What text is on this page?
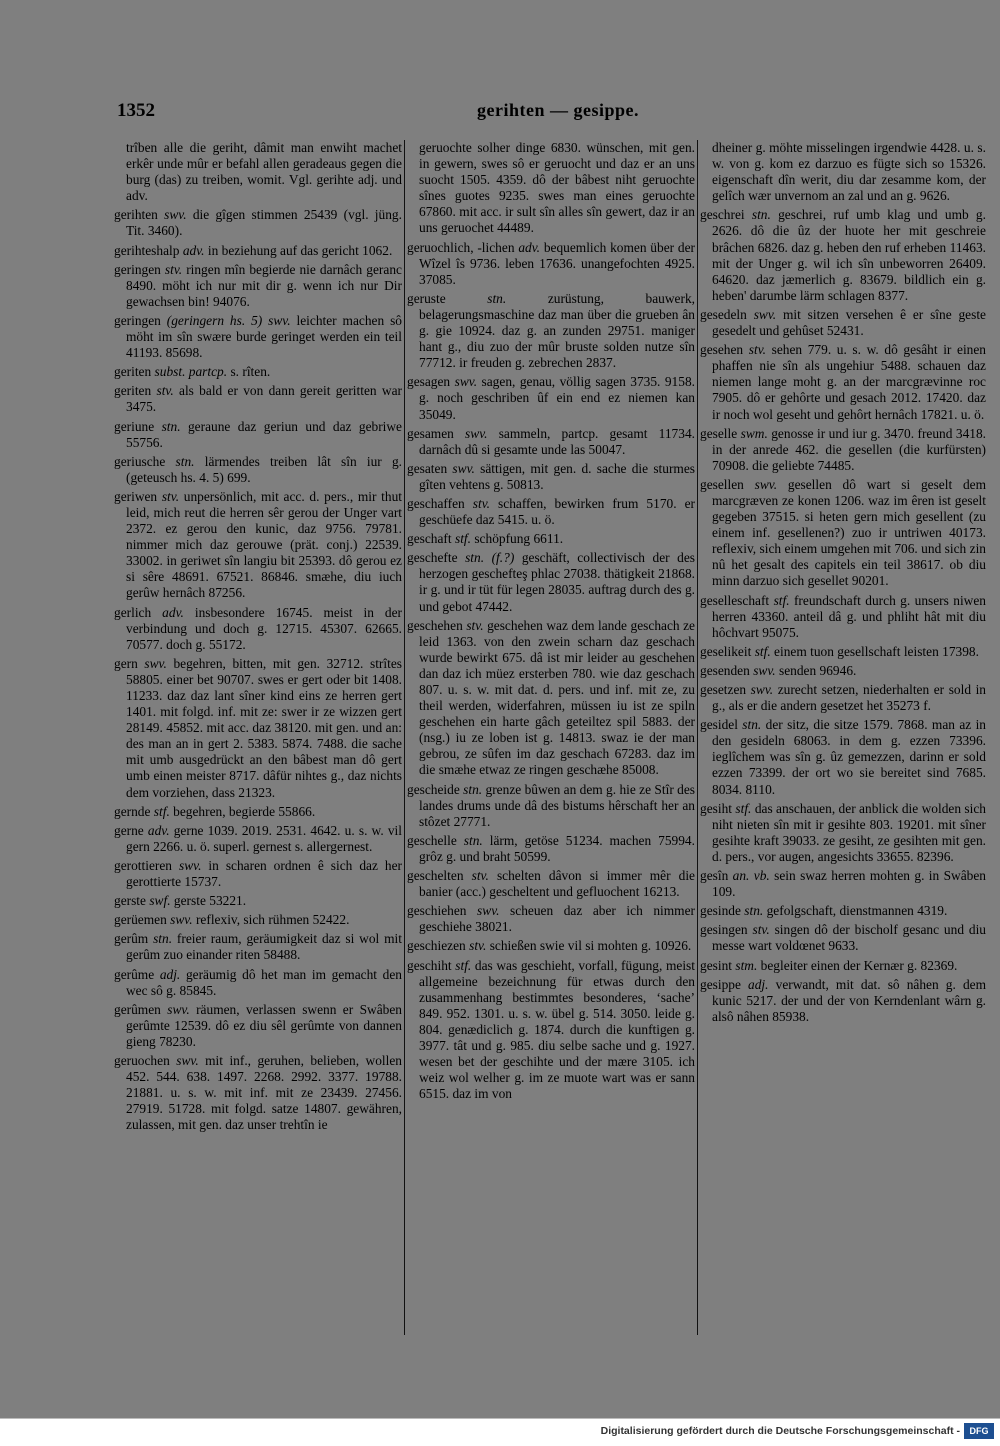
1352	gerihten — gesippe.

trîben alle die geriht, dâmit man enwiht machet erkêr unde mûr er befahl allen geradeaus gegen die burg (das) zu treiben, womit. Vgl. gerihte adj. und adv.

gerihten swv. die gîgen stimmen 25439 (vgl. jüng. Tit. 3460).

gerihteshalp adv. in beziehung auf das gericht 1062.

geringen stv. ringen mîn begierde nie darnâch geranc 8490. möht ich nur mit dir g. wenn ich nur Dir gewachsen bin! 94076.

geringen (geringern hs. 5) swv. leichter machen sô möht im sîn swære burde geringet werden ein teil 41193. 85698.

geriten subst. partcp. s. rîten.

geriten stv. als bald er von dann gereit geritten war 3475.

geriune stn. geraune daz geriun und daz gebriwe 55756.

geriusche stn. lärmendes treiben lât sîn iur g. (geteusch hs. 4. 5) 699.

geriwen stv. unpersönlich, mit acc. d. pers., mir thut leid, mich reut die herren sêr gerou der Unger vart 2372. ez gerou den kunic, daz 9756. 79781. nimmer mich daz gerouwe (prät. conj.) 22539. 33002. in geriwet sîn langiu bit 25393. dô gerou ez si sêre 48691. 67521. 86846. smæhe, diu iuch gerûw hernâch 87256.

gerlich adv. insbesondere 16745. meist in der verbindung und doch g. 12715. 45307. 62665. 70577. doch g. 55172.

gern swv. begehren, bitten, mit gen. 32712. strîtes 58805. einer bet 90707. swes er gert oder bit 1408. 11233. daz daz lant sîner kind eins ze herren gert 1401. mit folgd. inf. mit ze: swer ir ze wizzen gert 28149. 45852. mit acc. daz 38120. mit gen. und an: des man an in gert 2. 5383. 5874. 7488. die sache mit umb ausgedrückt an den bâbest man dô gert umb einen meister 8717. dâfür nihtes g., daz nichts dem vorziehen, dass 21323.

gernde stf. begehren, begierde 55866.

gerne adv. gerne 1039. 2019. 2531. 4642. u. s. w. vil gern 2266. u. ö. superl. gernest s. allergernest.

gerottieren swv. in scharen ordnen ê sich daz her gerottierte 15737.

gerste swf. gerste 53221.

gerüemen swv. reflexiv, sich rühmen 52422.

gerûm stn. freier raum, geräumigkeit daz si wol mit gerûm zuo einander riten 58488.

gerûme adj. geräumig dô het man im gemacht den wec sô g. 85845.

gerûmen swv. räumen, verlassen swenn er Swâben gerûmte 12539. dô ez diu sêl gerûmte von dannen gieng 78230.

geruochen swv. mit inf., geruhen, belieben, wollen 452. 544. 638. 1497. 2268. 2992. 3377. 19788. 21881. u. s. w. mit inf. mit ze 23439. 27456. 27919. 51728. mit folgd. satze 14807. gewähren, zulassen, mit gen. daz unser trehtîn ie

geruochte solher dinge 6830. wünschen, mit gen. in gewern, swes sô er geruocht und daz er an uns suocht 1505. 4359. dô der bâbest niht geruochte sînes guotes 9235. swes man eines geruochte 67860. mit acc. ir sult sîn alles sîn gewert, daz ir an uns geruochet 44489.

geruochlich, -lichen adv. bequemlich komen über der Wîzel îs 9736. leben 17636. unangefochten 4925. 37085.

geruste	stn.	zurüstung, bauwerk, belagerungsmaschine daz man über die grueben ân g. gie 10924. daz g. an zunden 29751. maniger hant g., diu zuo der mûr bruste solden nutze sîn 77712. ir freuden g. zebrechen 2837.

gesagen swv. sagen, genau, völlig sagen 3735. 9158. g. noch geschriben ûf ein end ez niemen kan 35049.

gesamen swv. sammeln, partcp. gesamt 11734. darnâch dû si gesamte unde las 50047.

gesaten swv. sättigen, mit gen. d. sache die sturmes gîten vehtens g. 50813.

geschaffen stv. schaffen, bewirken frum 5170. er geschüefe daz 5415. u. ö.

geschaft stf. schöpfung 6611.

geschefte stn. (f.?) geschäft, collectivisch der des herzogen geschefteş phlac 27038. thätigkeit 21868. ir g. und ir tüt für legen 28035. auftrag durch des g. und gebot 47442.

geschehen stv. geschehen waz dem lande geschach ze leid 1363. von den zwein scharn daz geschach wurde bewirkt 675. dâ ist mir leider au geschehen dan daz ich müez ersterben 780. wie daz geschach 807. u. s. w. mit dat. d. pers. und inf. mit ze, zu theil werden, widerfahren, müssen iu ist ze spiln geschehen ein harte gâch geteiltez spil 5883. der (nsg.) iu ze loben ist g. 14813. swaz ie der man gebrou, ze sûfen im daz geschach 67283. daz im die smæhe etwaz ze ringen geschæhe 85008.

gescheide stn. grenze bûwen an dem g. hie ze Stîr des landes drums unde dâ des bistums hêrschaft her an stôzet 27771.

geschelle stn. lärm, getöse 51234. machen 75994. grôz g. und braht 50599.

geschelten stv. schelten dâvon si immer mêr die banier (acc.) gescheltent und gefluochent 16213.

geschiehen swv. scheuen daz aber ich nimmer geschiehe 38021.

geschiezen stv. schießen swie vil si mohten g. 10926.

geschiht stf. das was geschieht, vorfall, fügung, meist allgemeine bezeichnung für etwas durch den zusammenhang bestimmtes besonderes, ‘sache’ 849. 952. 1301. u. s. w. übel g. 514. 3050. leide g. 804. genædiclich g. 1874. durch die kunftigen g. 3977. tât und g. 985. diu selbe sache und g. 1927. wesen bet der geschihte und der mære 3105. ich weiz wol welher g. im ze muote wart was er sann 6515. daz im von

dheiner g. möhte misselingen irgendwie 4428. u. s. w. von g. kom ez darzuo es fügte sich so 15326. eigenschaft dîn werit, diu dar zesamme kom, der gelîch wær unvernom an zal und an g. 9626.

geschrei stn. geschrei, ruf umb klag und umb g. 2626. dô die ûz der huote her mit geschreie brâchen 6826. daz g. heben den ruf erheben 11463. mit der Unger g. wil ich sîn unbeworren 26409. 64620. daz jæmerlich g. 83679. bildlich ein g. heben' darumbe lärm schlagen 8377.

gesedeln swv. mit sitzen versehen ê er sîne geste gesedelt und gehûset 52431.

gesehen stv. sehen 779. u. s. w. dô gesâht ir einen phaffen nie sîn als ungehiur 5488. schauen daz niemen lange moht g. an der marcgrævinne roc 7905. dô er gehôrte und gesach 2012. 17420. daz ir noch wol geseht und gehôrt hernâch 17821. u. ö.

geselle swm. genosse ir und iur g. 3470. freund 3418. in der anrede 462. die gesellen (die kurfürsten) 70908. die geliebte 74485.

gesellen swv. gesellen dô wart si geselt dem marcgræven ze konen 1206. waz im êren ist geselt gegeben 37515. si heten gern mich gesellent (zu einem inf. gesellenen?) zuo ir untriwen 40173. reflexiv, sich einem umgehen mit 706. und sich zin nû het gesalt des capitels ein teil 38617. ob diu minn darzuo sich gesellet 90201.

geselleschaft stf. freundschaft durch g. unsers niwen herren 43360. anteil dâ g. und phliht hât mit diu hôchvart 95075.

geselikeit stf. einem tuon gesellschaft leisten 17398.

gesenden swv. senden 96946.

gesetzen swv. zurecht setzen, niederhalten er sold in g., als er die andern gesetzet het 35273 f.

gesidel stn. der sitz, die sitze 1579. 7868. man az in den gesideln 68063. in dem g. ezzen 73396. ieglîchem was sîn g. ûz gemezzen, darinn er sold ezzen 73399. der ort wo sie bereitet sind 7685. 8034. 8110.

gesiht stf. das anschauen, der anblick die wolden sich niht nieten sîn mit ir gesihte 803. 19201. mit sîner gesihte kraft 39033. ze gesiht, ze gesihten mit gen. d. pers., vor augen, angesichts 33655. 82396.

gesîn an. vb. sein swaz herren mohten g. in Swâben 109.

gesinde stn. gefolgschaft, dienstmannen 4319.

gesingen stv. singen dô der bischolf gesanc und diu messe wart voldœnet 9633.

gesint stm. begleiter einen der Kernær g. 82369.

gesippe adj. verwandt, mit dat. sô nâhen g. dem kunic 5217. der und der von Kerndenlant wârn g. alsô nâhen 85938.

Digitalisierung gefördert durch die Deutsche Forschungsgemeinschaft -	DFG
